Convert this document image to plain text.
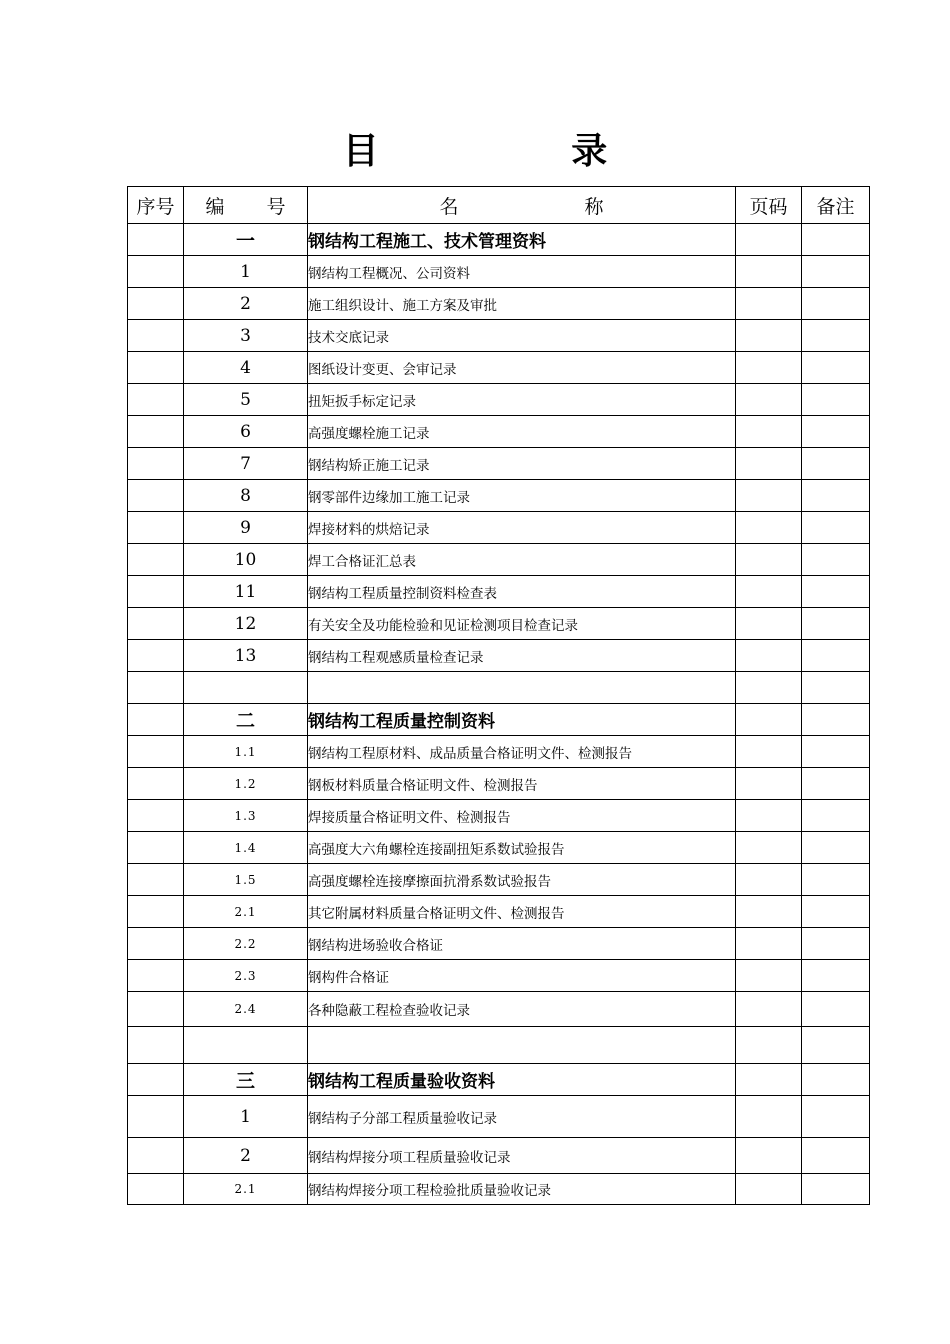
目 录
序号	编 号	名 称	页码	备注
	一	钢结构工程施工、技术管理资料		
	1	钢结构工程概况、公司资料		
	2	施工组织设计、施工方案及审批		
	3	技术交底记录		
	4	图纸设计变更、会审记录		
	5	扭矩扳手标定记录		
	6	高强度螺栓施工记录		
	7	钢结构矫正施工记录		
	8	钢零部件边缘加工施工记录		
	9	焊接材料的烘焙记录		
	10	焊工合格证汇总表		
	11	钢结构工程质量控制资料检查表		
	12	有关安全及功能检验和见证检测项目检查记录		
	13	钢结构工程观感质量检查记录		

	二	钢结构工程质量控制资料		
	1.1	钢结构工程原材料、成品质量合格证明文件、检测报告		
	1.2	钢板材料质量合格证明文件、检测报告		
	1.3	焊接质量合格证明文件、检测报告		
	1.4	高强度大六角螺栓连接副扭矩系数试验报告		
	1.5	高强度螺栓连接摩擦面抗滑系数试验报告		
	2.1	其它附属材料质量合格证明文件、检测报告		
	2.2	钢结构进场验收合格证		
	2.3	钢构件合格证		
	2.4	各种隐蔽工程检查验收记录		

	三	钢结构工程质量验收资料		
	1	钢结构子分部工程质量验收记录		
	2	钢结构焊接分项工程质量验收记录		
	2.1	钢结构焊接分项工程检验批质量验收记录		
